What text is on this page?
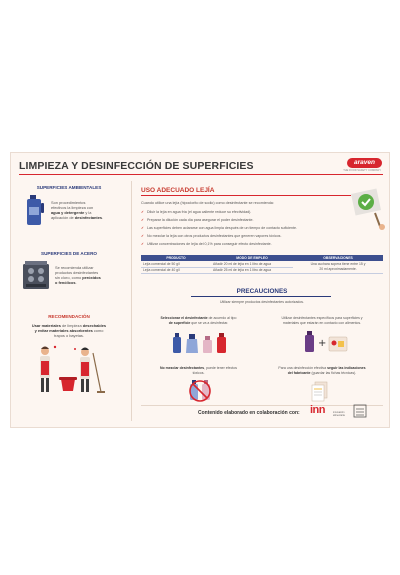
LIMPIEZA Y DESINFECCIÓN DE SUPERFICIES	araven
THE FOOD SAFETY COMPANY
SUPERFICIES AMBIENTALES
Son procedimientos
efectivos la limpieza con
agua y detergente y la
aplicación de desinfectantes.
SUPERFICIES DE ACERO
Se recomienda utilizar
productos desinfectantes
sin cloro, como peróxidos
o fenólicos.
RECOMENDACIÓN
Usar materiales de limpieza desechables
y evitar materiales absorbentes como
trapos o bayetas.
USO ADECUADO LEJÍA
Cuando utilice una lejía (hipoclorito de sodio) como desinfectante se recomienda:
✓ Diluir la lejía en agua fría (el agua caliente reduce su efectividad).
✓ Preparar la dilución cada día para asegurar el poder desinfectante.
✓ Las superficies deben aclararse con agua limpia después de un tiempo de contacto suficiente.
✓ No mezclar la lejía con otros productos desinfectantes que generen vapores tóxicos.
✓ Utilizar concentraciones de lejía del 0,1% para conseguir efecto desinfectante.
PRODUCTO	MODO DE EMPLEO	OBSERVACIONES
Lejía comercial de 50 g/l	Añadir 20 ml de lejía en 1 litro de agua	Una cuchara sopera tiene entre 15 y
20 ml aproximadamente.
Lejía comercial de 40 g/l	Añadir 25 ml de lejía en 1 litro de agua	
PRECAUCIONES
Utilizar siempre productos desinfectantes autorizados.
Seleccionar el desinfectante de acuerdo al tipo
de superficie que se va a desinfectar.
Utilizar desinfectantes específicos para superficies y
materiales que estarán en contacto con alimentos.
+
No mezclar desinfectantes, puede tener efectos
tóxicos.
Para una desinfección efectiva seguir las indicaciones
del fabricante (guardar las fichas técnicas).
Contenido elaborado en colaboración con: inn	innovación
alimentaria
